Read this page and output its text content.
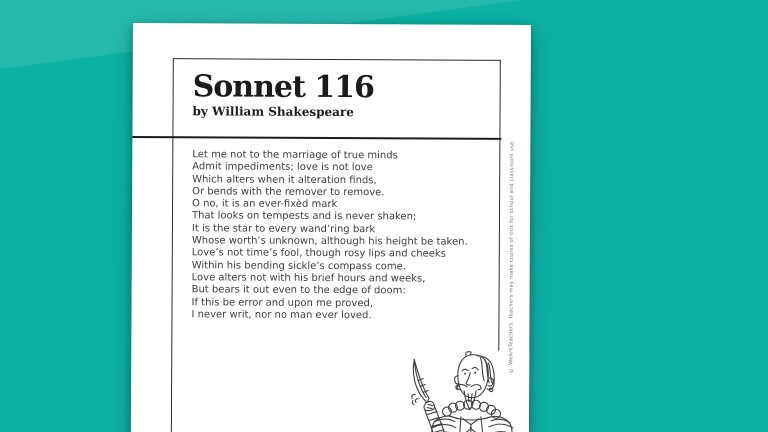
Sonnet 116
by William Shakespeare
Let me not to the marriage of true minds
Admit impediments; love is not love
Which alters when it alteration finds,
Or bends with the remover to remove.
O no, it is an ever-fixèd mark
That looks on tempests and is never shaken;
It is the star to every wand’ring bark
Whose worth’s unknown, although his height be taken.
Love’s not time’s fool, though rosy lips and cheeks
Within his bending sickle’s compass come.
Love alters not with his brief hours and weeks,
But bears it out even to the edge of doom:
If this be error and upon me proved,
I never writ, nor no man ever loved.	© WeAreTeachers. Teachers may make copies of this for school and classroom use.
